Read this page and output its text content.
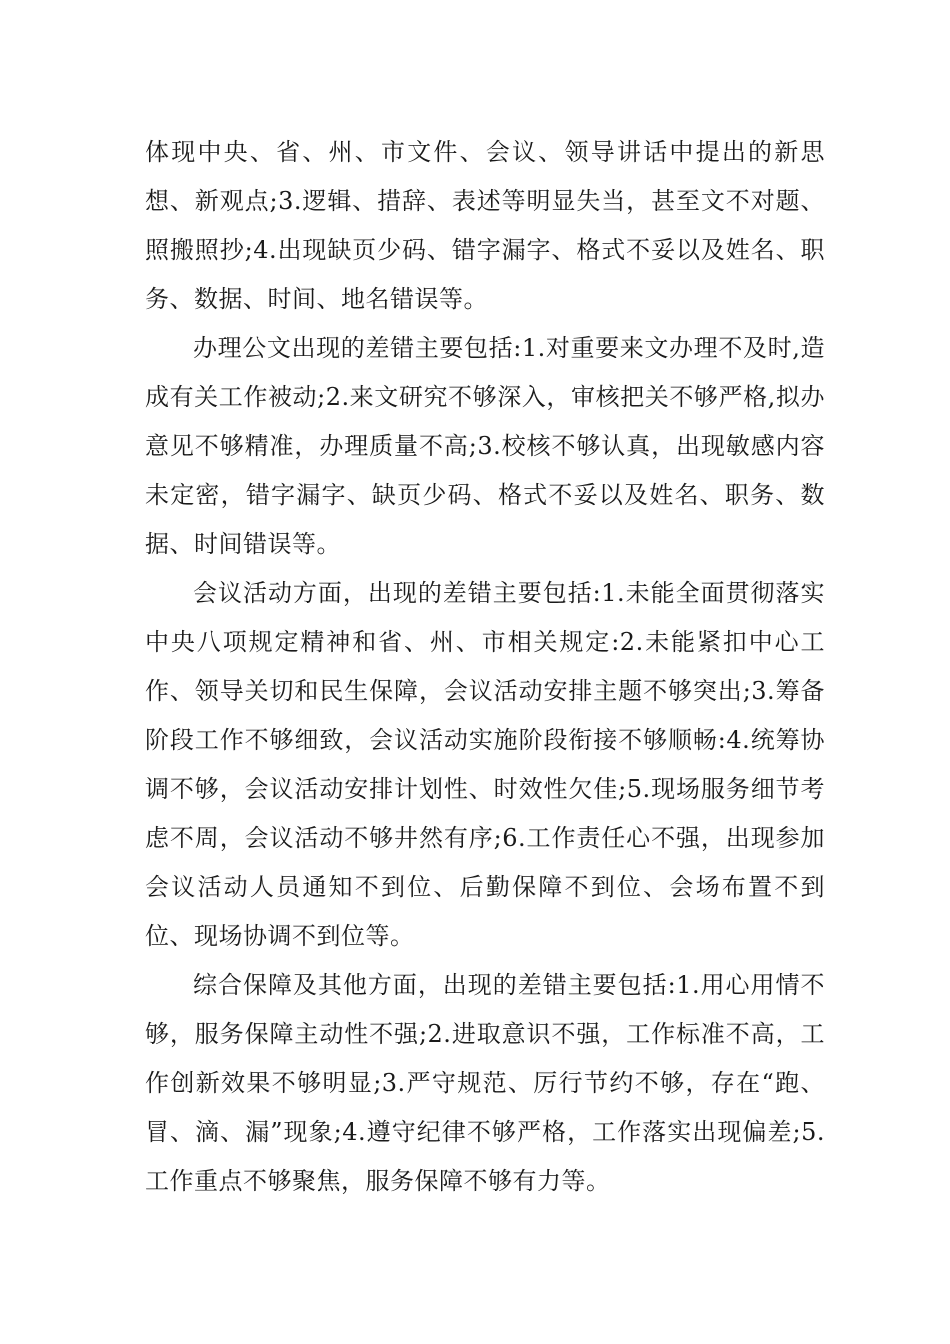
体现中央、省、州、市文件、会议、领导讲话中提出的新思想、新观点;3.逻辑、措辞、表述等明显失当，甚至文不对题、照搬照抄;4.出现缺页少码、错字漏字、格式不妥以及姓名、职务、数据、时间、地名错误等。

办理公文出现的差错主要包括:1.对重要来文办理不及时,造成有关工作被动;2.来文研究不够深入，审核把关不够严格,拟办意见不够精准，办理质量不高;3.校核不够认真，出现敏感内容未定密，错字漏字、缺页少码、格式不妥以及姓名、职务、数据、时间错误等。

会议活动方面，出现的差错主要包括:1.未能全面贯彻落实中央八项规定精神和省、州、市相关规定:2.未能紧扣中心工作、领导关切和民生保障，会议活动安排主题不够突出;3.筹备阶段工作不够细致，会议活动实施阶段衔接不够顺畅:4.统筹协调不够，会议活动安排计划性、时效性欠佳;5.现场服务细节考虑不周，会议活动不够井然有序;6.工作责任心不强，出现参加会议活动人员通知不到位、后勤保障不到位、会场布置不到位、现场协调不到位等。

综合保障及其他方面，出现的差错主要包括:1.用心用情不够，服务保障主动性不强;2.进取意识不强，工作标准不高，工作创新效果不够明显;3.严守规范、厉行节约不够，存在“跑、冒、滴、漏”现象;4.遵守纪律不够严格，工作落实出现偏差;5.工作重点不够聚焦，服务保障不够有力等。
